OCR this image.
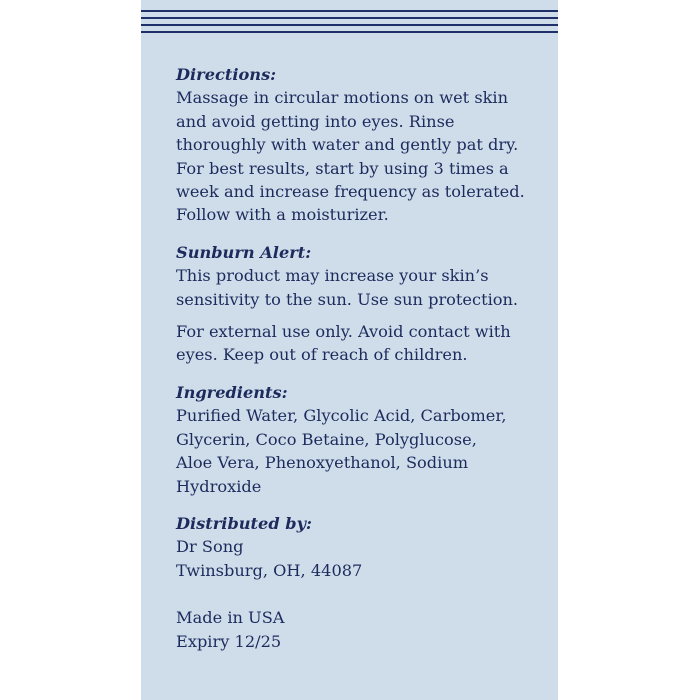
Directions:
Massage in circular motions on wet skin
and avoid getting into eyes. Rinse
thoroughly with water and gently pat dry.
For best results, start by using 3 times a
week and increase frequency as tolerated.
Follow with a moisturizer.
Sunburn Alert:
This product may increase your skin’s
sensitivity to the sun. Use sun protection.
For external use only. Avoid contact with
eyes. Keep out of reach of children.
Ingredients:
Purified Water, Glycolic Acid, Carbomer,
Glycerin, Coco Betaine, Polyglucose,
Aloe Vera, Phenoxyethanol, Sodium
Hydroxide
Distributed by:
Dr Song
Twinsburg, OH, 44087
Made in USA
Expiry 12/25
